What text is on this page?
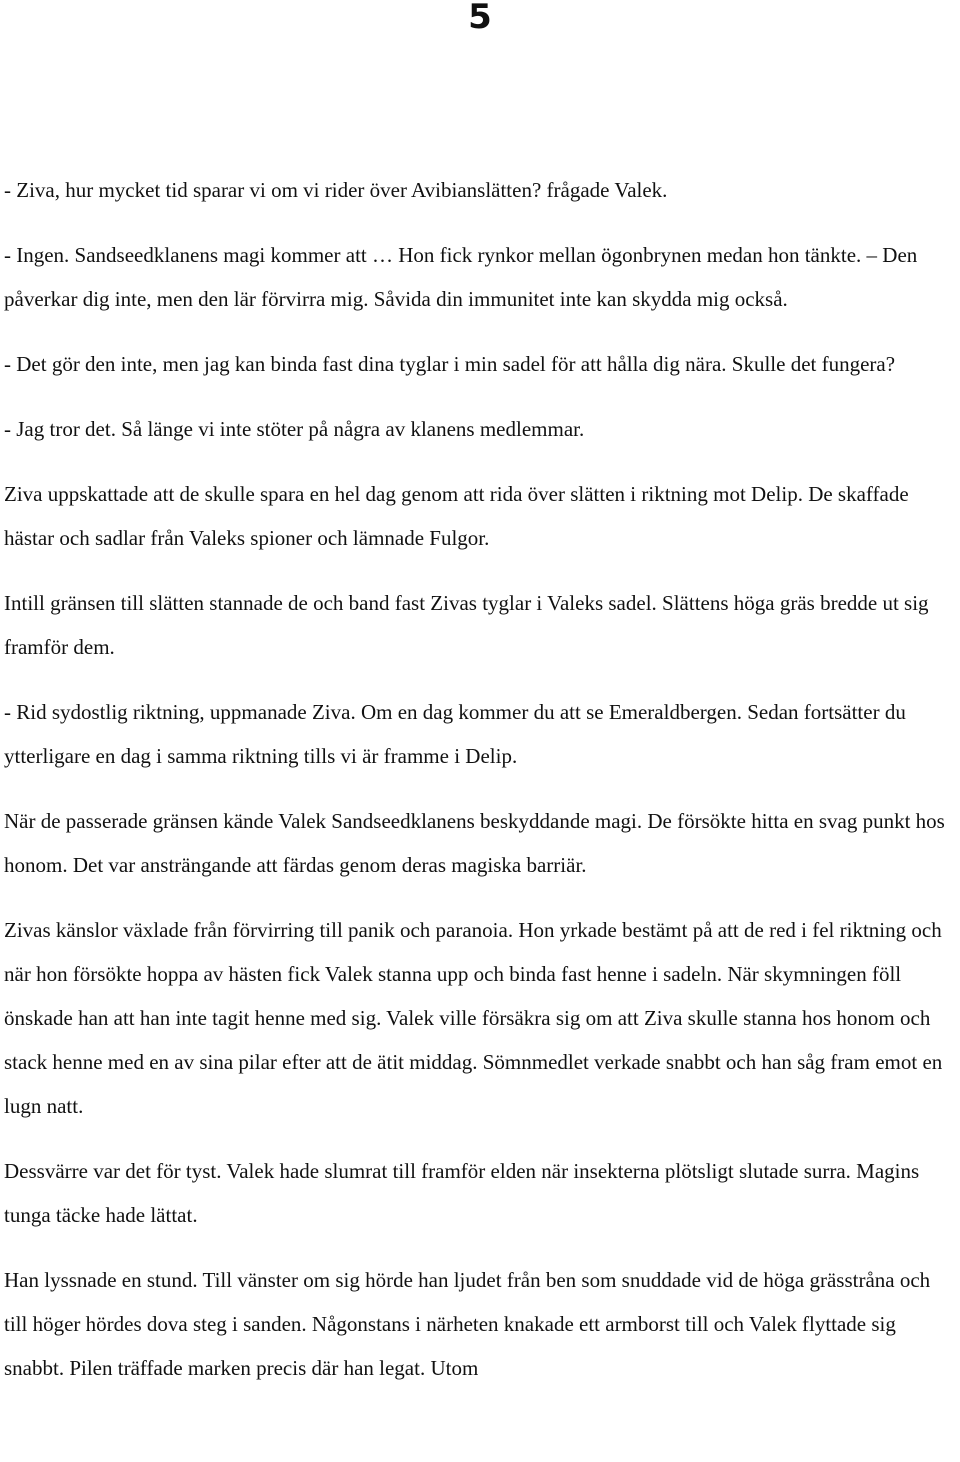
5

- Ziva, hur mycket tid sparar vi om vi rider över Avibianslätten? frågade Valek.

- Ingen. Sandseedklanens magi kommer att … Hon fick rynkor mellan ögonbrynen medan hon tänkte. – Den påverkar dig inte, men den lär förvirra mig. Såvida din immunitet inte kan skydda mig också.

- Det gör den inte, men jag kan binda fast dina tyglar i min sadel för att hålla dig nära. Skulle det fungera?

- Jag tror det. Så länge vi inte stöter på några av klanens medlemmar.

Ziva uppskattade att de skulle spara en hel dag genom att rida över slätten i riktning mot Delip. De skaffade hästar och sadlar från Valeks spioner och lämnade Fulgor.

Intill gränsen till slätten stannade de och band fast Zivas tyglar i Valeks sadel. Slättens höga gräs bredde ut sig framför dem.

- Rid sydostlig riktning, uppmanade Ziva. Om en dag kommer du att se Emeraldbergen. Sedan fortsätter du ytterligare en dag i samma riktning tills vi är framme i Delip.

När de passerade gränsen kände Valek Sandseedklanens beskyddande magi. De försökte hitta en svag punkt hos honom. Det var ansträngande att färdas genom deras magiska barriär.

Zivas känslor växlade från förvirring till panik och paranoia. Hon yrkade bestämt på att de red i fel riktning och när hon försökte hoppa av hästen fick Valek stanna upp och binda fast henne i sadeln. När skymningen föll önskade han att han inte tagit henne med sig. Valek ville försäkra sig om att Ziva skulle stanna hos honom och stack henne med en av sina pilar efter att de ätit middag. Sömnmedlet verkade snabbt och han såg fram emot en lugn natt.

Dessvärre var det för tyst. Valek hade slumrat till framför elden när insekterna plötsligt slutade surra. Magins tunga täcke hade lättat.

Han lyssnade en stund. Till vänster om sig hörde han ljudet från ben som snuddade vid de höga grässtråna och till höger hördes dova steg i sanden. Någonstans i närheten knakade ett armborst till och Valek flyttade sig snabbt. Pilen träffade marken precis där han legat. Utom
